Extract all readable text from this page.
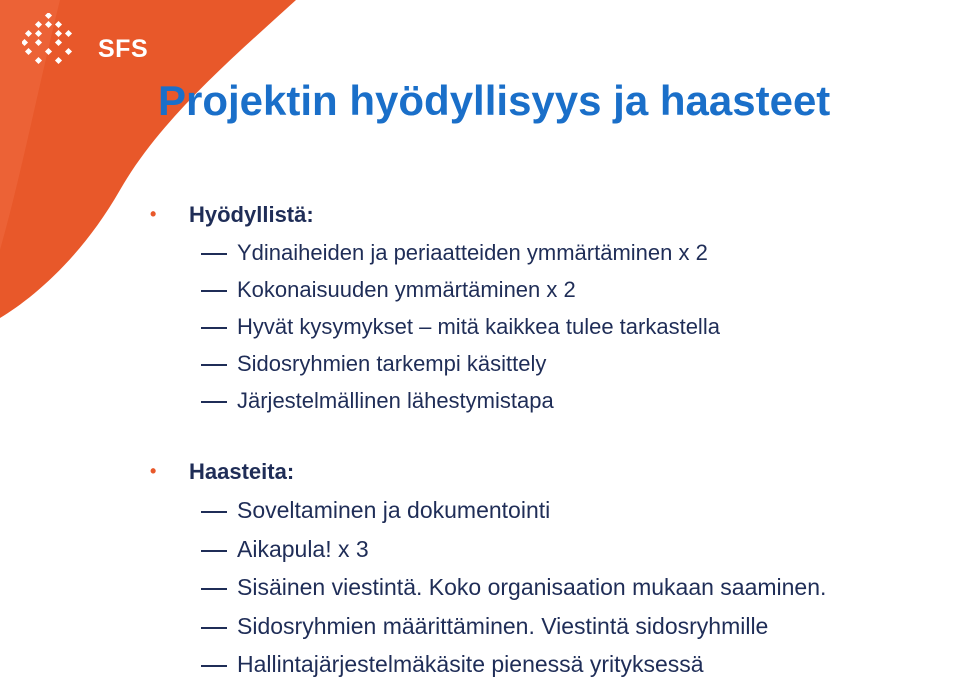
SFS
Projektin hyödyllisyys ja haasteet
• Hyödyllistä:
Ydinaiheiden ja periaatteiden ymmärtäminen x 2
Kokonaisuuden ymmärtäminen x 2
Hyvät kysymykset – mitä kaikkea tulee tarkastella
Sidosryhmien tarkempi käsittely
Järjestelmällinen lähestymistapa
• Haasteita:
Soveltaminen ja dokumentointi
Aikapula! x 3
Sisäinen viestintä. Koko organisaation mukaan saaminen.
Sidosryhmien määrittäminen. Viestintä sidosryhmille
Hallintajärjestelmäkäsite pienessä yrityksessä
